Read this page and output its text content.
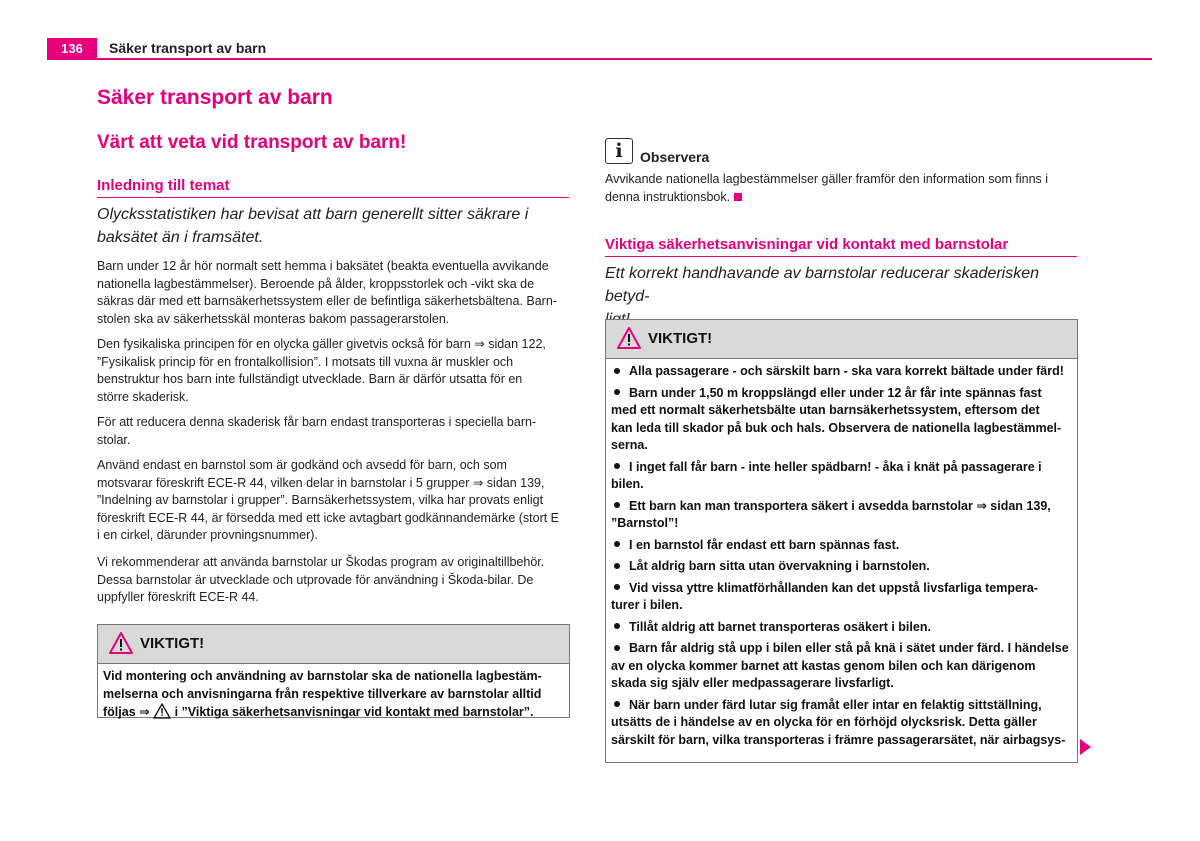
136	Säker transport av barn
Säker transport av barn
Värt att veta vid transport av barn!
Inledning till temat
Olycksstatistiken har bevisat att barn generellt sitter säkrare i
baksätet än i framsätet.
Barn under 12 år hör normalt sett hemma i baksätet (beakta eventuella avvikande
nationella lagbestämmelser). Beroende på ålder, kroppsstorlek och -vikt ska de
säkras där med ett barnsäkerhetssystem eller de befintliga säkerhetsbältena. Barn-
stolen ska av säkerhetsskäl monteras bakom passagerarstolen.
Den fysikaliska principen för en olycka gäller givetvis också för barn ⇒ sidan 122,
”Fysikalisk princip för en frontalkollision”. I motsats till vuxna är muskler och
benstruktur hos barn inte fullständigt utvecklade. Barn är därför utsatta för en
större skaderisk.
För att reducera denna skaderisk får barn endast transporteras i speciella barn-
stolar.
Använd endast en barnstol som är godkänd och avsedd för barn, och som
motsvarar föreskrift ECE-R 44, vilken delar in barnstolar i 5 grupper ⇒ sidan 139,
”Indelning av barnstolar i grupper”. Barnsäkerhetssystem, vilka har provats enligt
föreskrift ECE-R 44, är försedda med ett icke avtagbart godkännandemärke (stort E
i en cirkel, därunder provningsnummer).
Vi rekommenderar att använda barnstolar ur Škodas program av originaltillbehör.
Dessa barnstolar är utvecklade och utprovade för användning i Škoda-bilar. De
uppfyller föreskrift ECE-R 44.
VIKTIGT!
Vid montering och användning av barnstolar ska de nationella lagbestäm-
melserna och anvisningarna från respektive tillverkare av barnstolar alltid
följas ⇒  i ”Viktiga säkerhetsanvisningar vid kontakt med barnstolar”.
i	Observera
Avvikande nationella lagbestämmelser gäller framför den information som finns i
denna instruktionsbok.
Viktiga säkerhetsanvisningar vid kontakt med barnstolar
Ett korrekt handhavande av barnstolar reducerar skaderisken betyd-
VIKTIGT!
Alla passagerare - och särskilt barn - ska vara korrekt bältade under färd!
Barn under 1,50 m kroppslängd eller under 12 år får inte spännas fast
med ett normalt säkerhetsbälte utan barnsäkerhetssystem, eftersom det
kan leda till skador på buk och hals. Observera de nationella lagbestämmel-
serna.
I inget fall får barn - inte heller spädbarn! - åka i knät på passagerare i
bilen.
Ett barn kan man transportera säkert i avsedda barnstolar ⇒ sidan 139,
”Barnstol”!
I en barnstol får endast ett barn spännas fast.
Låt aldrig barn sitta utan övervakning i barnstolen.
Vid vissa yttre klimatförhållanden kan det uppstå livsfarliga tempera-
turer i bilen.
Tillåt aldrig att barnet transporteras osäkert i bilen.
Barn får aldrig stå upp i bilen eller stå på knä i sätet under färd. I händelse
av en olycka kommer barnet att kastas genom bilen och kan därigenom
skada sig själv eller medpassagerare livsfarligt.
När barn under färd lutar sig framåt eller intar en felaktig sittställning,
utsätts de i händelse av en olycka för en förhöjd olycksrisk. Detta gäller
särskilt för barn, vilka transporteras i främre passagerarsätet, när airbagsys-
